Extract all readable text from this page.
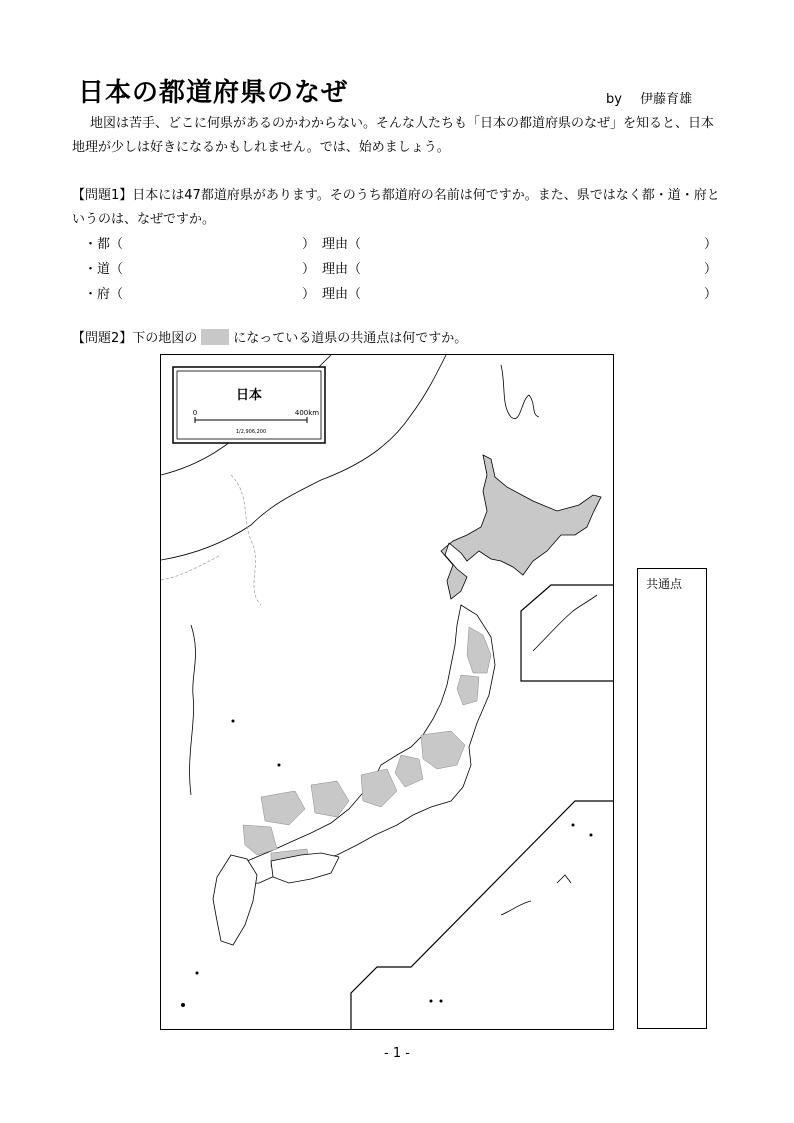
日本の都道府県のなぜ	by 伊藤育雄
地図は苦手、どこに何県があるのかわからない。そんな人たちも「日本の都道府県のなぜ」を知ると、日本地理が少しは好きになるかもしれません。では、始めましょう。
【問題1】日本には47都道府県があります。そのうち都道府の名前は何ですか。また、県ではなく都・道・府というのは、なぜですか。
・都（	） 理由（	）
・道（	） 理由（	）
・府（	） 理由（	）
【問題2】下の地図の	になっている道県の共通点は何ですか。
日本
0	400km
1/2,906,200
共通点
- 1 -
